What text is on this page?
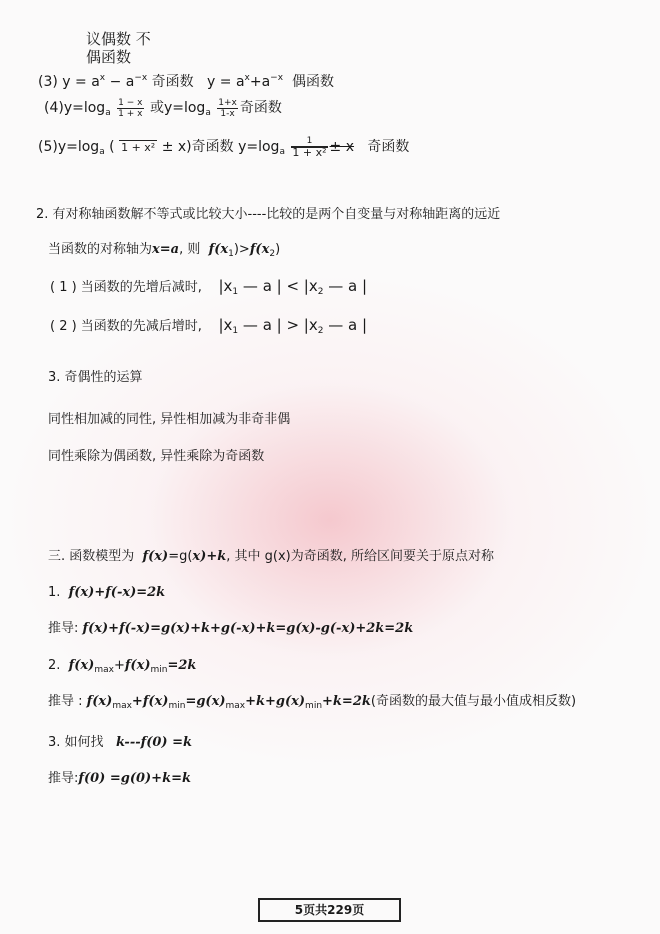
议偶数 不
偶函数
(3) $y = a^x - a^{-x}$ 奇函数 $y = a^x+a^{-x}$ 偶函数
$(4)y=\log_a \frac{1 - x}{1 + x}$ 或$y=\log_a \frac{1+x}{1-x}$ 奇函数
$(5)y=\log_a$ ( 1 + x² ± x)奇函数 $y=\log_a \frac{1}{\text{1 + x²}} \pm x$ 奇函数
2. 有对称轴函数解不等式或比较大小----比较的是两个自变量与对称轴距离的远近
当函数的对称轴为x=a, 则 $f(x_1)>f(x_2)$
( 1 ) 当函数的先增后减时, $|x_1$ — a | < $|x_2$ — a |
( 2 ) 当函数的先减后增时, $|x_1$ — a | > $|x_2$ — a |
3. 奇偶性的运算
同性相加减的同性, 异性相加减为非奇非偶
同性乘除为偶函数, 异性乘除为奇函数
三. 函数模型为 f(x)=g(x)+k, 其中 g(x)为奇函数, 所给区间要关于原点对称
1. f(x)+f(-x)=2k
推导: f(x)+f(-x)=g(x)+k+g(-x)+k=g(x)-g(-x)+2k=2k
2. $f(x)_{max}+f(x)_{min}=2k$
推导 : $f(x)_{max}+f(x)_{min}=g(x)_{max}+k+g(x)_{min}+k=2k$(奇函数的最大值与最小值成相反数)
3. 如何找 k---f(0) =k
推导:f(0) =g(0)+k=k
5页共229页
